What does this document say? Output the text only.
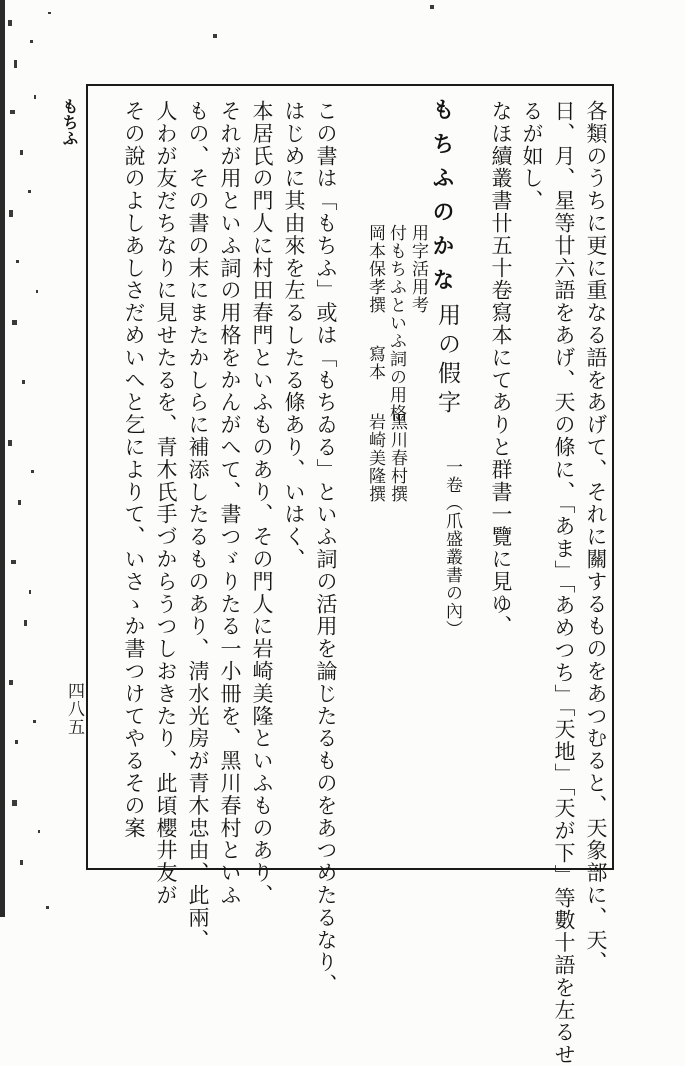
もちふ
四八五	各類のうちに更に重なる語をあげて、それに關するものをあつむると、天象部に、天、
日、月、星等廿六語をあげ、天の條に、「あま」「あめつち」「天地」「天が下」等數十語を左るせ
るが如し、
なほ續叢書卄五十卷寫本にてありと群書一覽に見ゆ、
もちふのかな
用の假字
一卷（爪盛叢書の內）
岡本保孝撰
寫本 付もちふといふ詞の用格
岩崎美隆撰
用字活用考
黑川春村撰
この書は「もちふ」或は「もちゐる」といふ詞の活用を論じたるものをあつめたるなり、
はじめに其由來を左るしたる條あり、いはく、
本居氏の門人に村田春門といふものあり、その門人に岩崎美隆といふものあり、
それが用といふ詞の用格をかんがへて、書つゞりたる一小冊を、黑川春村といふ
もの、その書の末にまたかしらに補添したるものあり、淸水光房が青木忠由、此兩、
人わが友だちなりに見せたるを、青木氏手づからうつしおきたり、此頃櫻井友が
その說のよしあしさだめいへと乞によりて、いさゝか書つけてやるその案
